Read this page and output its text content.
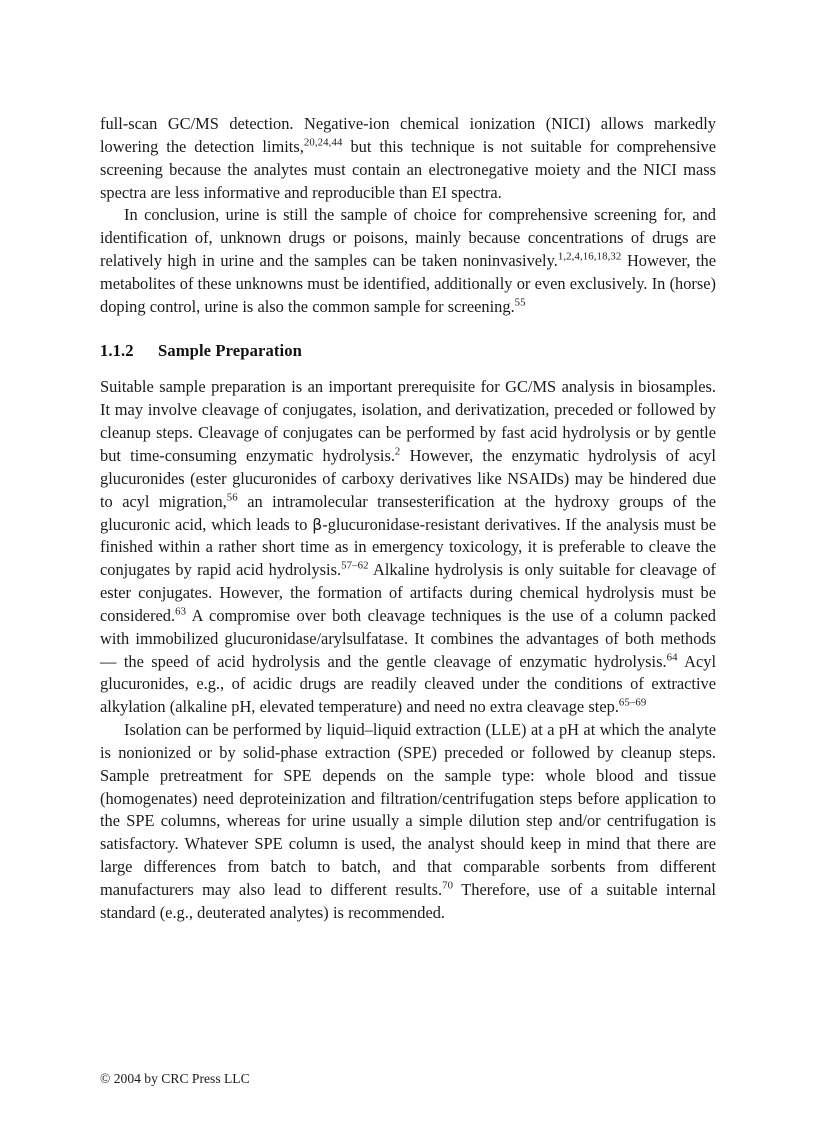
full-scan GC/MS detection. Negative-ion chemical ionization (NICI) allows markedly lowering the detection limits,$^{20,24,44}$ but this technique is not suitable for comprehensive screening because the analytes must contain an electronegative moiety and the NICI mass spectra are less informative and reproducible than EI spectra.

In conclusion, urine is still the sample of choice for comprehensive screening for, and identification of, unknown drugs or poisons, mainly because concentrations of drugs are relatively high in urine and the samples can be taken noninvasively.$^{1,2,4,16,18,32}$ However, the metabolites of these unknowns must be identified, additionally or even exclusively. In (horse) doping control, urine is also the common sample for screening.$^{55}$

1.1.2 Sample Preparation

Suitable sample preparation is an important prerequisite for GC/MS analysis in biosamples. It may involve cleavage of conjugates, isolation, and derivatization, preceded or followed by cleanup steps. Cleavage of conjugates can be performed by fast acid hydrolysis or by gentle but time-consuming enzymatic hydrolysis.$^2$ However, the enzymatic hydrolysis of acyl glucuronides (ester glucuronides of carboxy derivatives like NSAIDs) may be hindered due to acyl migration,$^{56}$ an intramolecular transesterification at the hydroxy groups of the glucuronic acid, which leads to β-glucuronidase-resistant derivatives. If the analysis must be finished within a rather short time as in emergency toxicology, it is preferable to cleave the conjugates by rapid acid hydrolysis.$^{57-62}$ Alkaline hydrolysis is only suitable for cleavage of ester conjugates. However, the formation of artifacts during chemical hydrolysis must be considered.$^{63}$ A compromise over both cleavage techniques is the use of a column packed with immobilized glucuronidase/arylsulfatase. It combines the advantages of both methods — the speed of acid hydrolysis and the gentle cleavage of enzymatic hydrolysis.$^{64}$ Acyl glucuronides, e.g., of acidic drugs are readily cleaved under the conditions of extractive alkylation (alkaline pH, elevated temperature) and need no extra cleavage step.$^{65-69}$

Isolation can be performed by liquid–liquid extraction (LLE) at a pH at which the analyte is nonionized or by solid-phase extraction (SPE) preceded or followed by cleanup steps. Sample pretreatment for SPE depends on the sample type: whole blood and tissue (homogenates) need deproteinization and filtration/centrifugation steps before application to the SPE columns, whereas for urine usually a simple dilution step and/or centrifugation is satisfactory. Whatever SPE column is used, the analyst should keep in mind that there are large differences from batch to batch, and that comparable sorbents from different manufacturers may also lead to different results.$^{70}$ Therefore, use of a suitable internal standard (e.g., deuterated analytes) is recommended.

© 2004 by CRC Press LLC
